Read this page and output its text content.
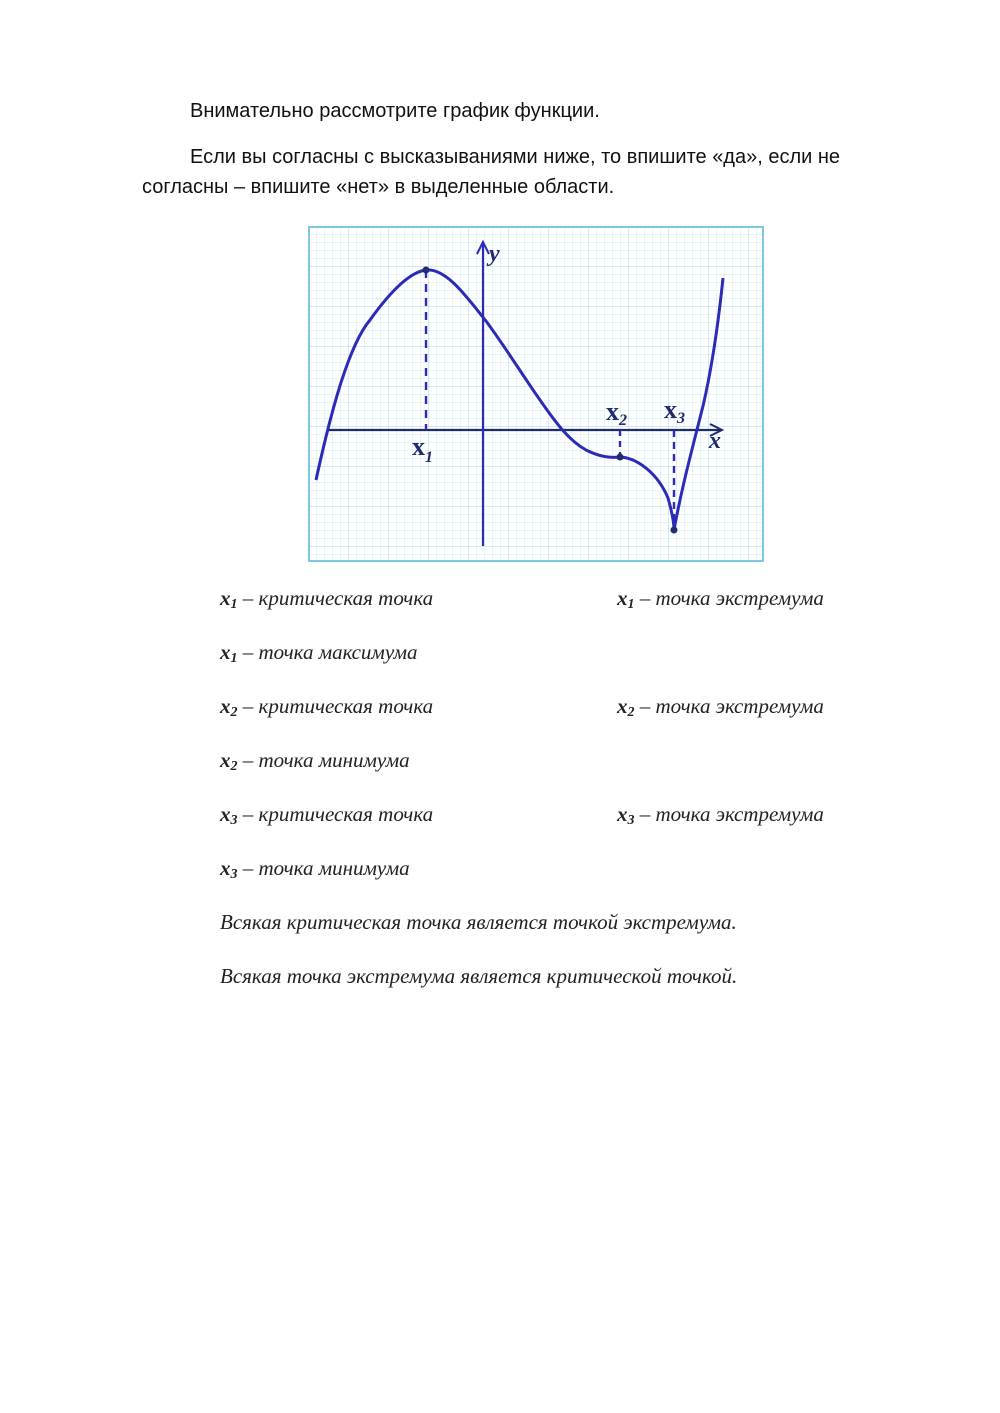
Внимательно рассмотрите график функции.
Если вы согласны с высказываниями ниже, то впишите «да», если не
согласны – впишите «нет» в выделенные области.
y
x
$x_1$
x2 x3
$x_1$ – критическая точка	$x_1$ – точка экстремума
$x_1$ – точка максимума
$x_2$ – критическая точка	$x_2$ – точка экстремума
$x_2$ – точка минимума
$x_3$ – критическая точка	$x_3$ – точка экстремума
$x_3$ – точка минимума
Всякая критическая точка является точкой экстремума.
Всякая точка экстремума является критической точкой.
